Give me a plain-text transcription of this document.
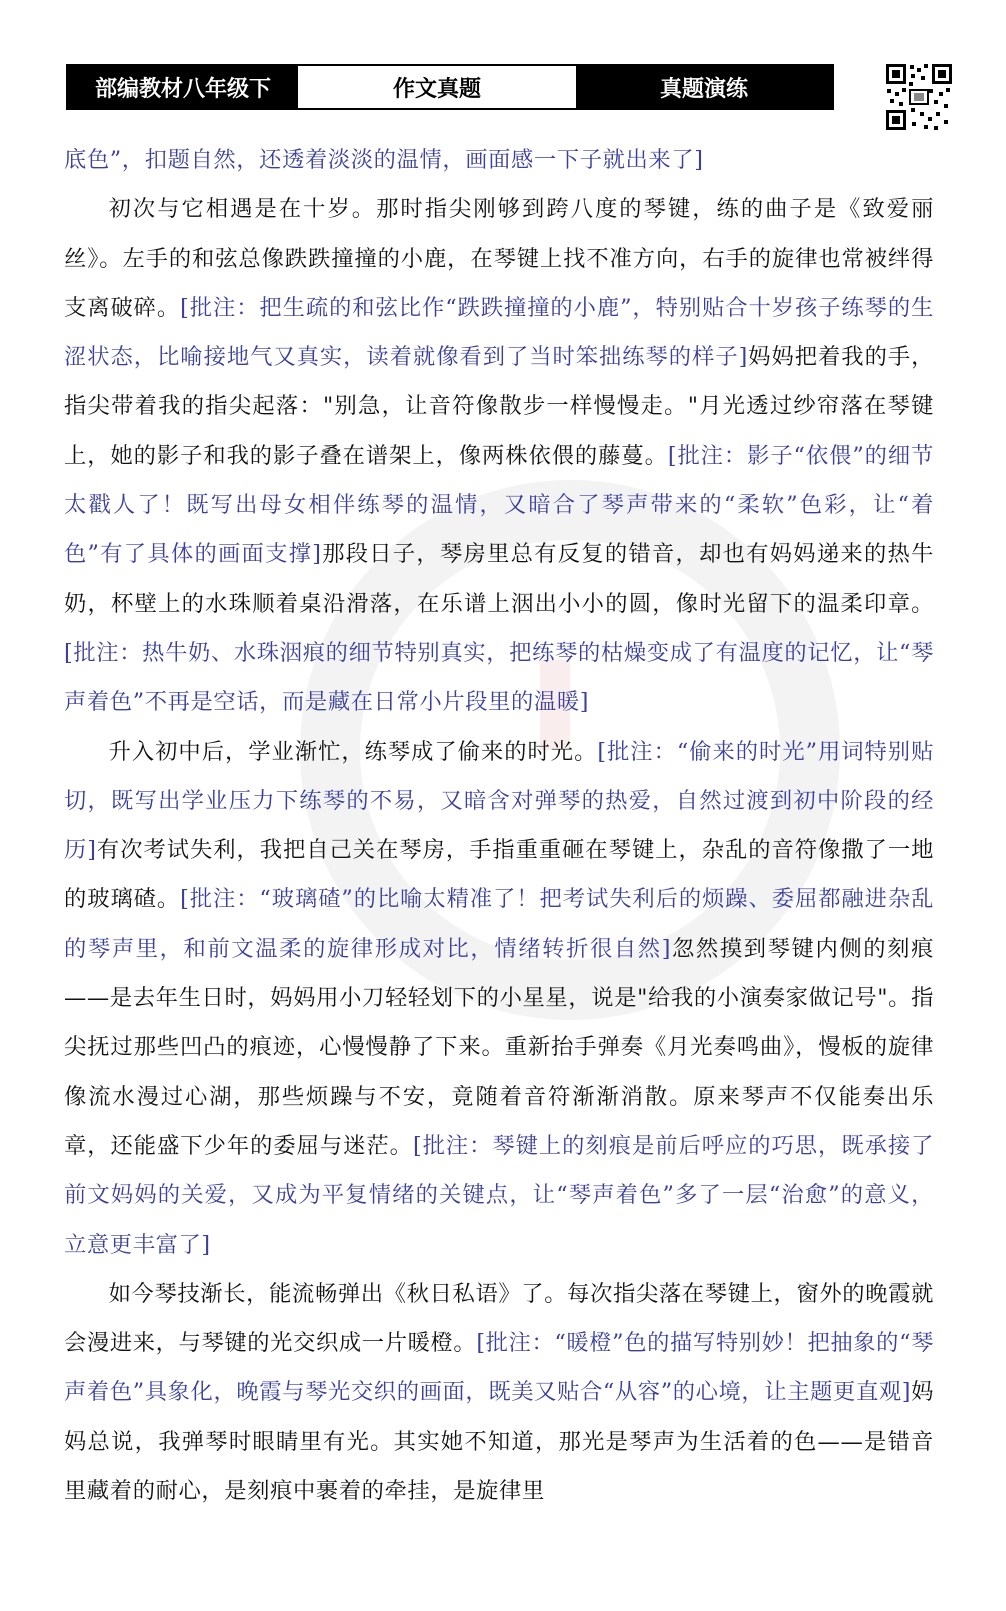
部编教材八年级下	作文真题	真题演练

底色”，扣题自然，还透着淡淡的温情，画面感一下子就出来了]

初次与它相遇是在十岁。那时指尖刚够到跨八度的琴键，练的曲子是《致爱丽丝》。左手的和弦总像跌跌撞撞的小鹿，在琴键上找不准方向，右手的旋律也常被绊得支离破碎。[批注：把生疏的和弦比作“跌跌撞撞的小鹿”，特别贴合十岁孩子练琴的生涩状态，比喻接地气又真实，读着就像看到了当时笨拙练琴的样子]妈妈把着我的手，指尖带着我的指尖起落："别急，让音符像散步一样慢慢走。"月光透过纱帘落在琴键上，她的影子和我的影子叠在谱架上，像两株依偎的藤蔓。[批注：影子“依偎”的细节太戳人了！既写出母女相伴练琴的温情，又暗合了琴声带来的“柔软”色彩，让“着色”有了具体的画面支撑]那段日子，琴房里总有反复的错音，却也有妈妈递来的热牛奶，杯壁上的水珠顺着桌沿滑落，在乐谱上洇出小小的圆，像时光留下的温柔印章。[批注：热牛奶、水珠洇痕的细节特别真实，把练琴的枯燥变成了有温度的记忆，让“琴声着色”不再是空话，而是藏在日常小片段里的温暖]

升入初中后，学业渐忙，练琴成了偷来的时光。[批注：“偷来的时光”用词特别贴切，既写出学业压力下练琴的不易，又暗含对弹琴的热爱，自然过渡到初中阶段的经历]有次考试失利，我把自己关在琴房，手指重重砸在琴键上，杂乱的音符像撒了一地的玻璃碴。[批注：“玻璃碴”的比喻太精准了！把考试失利后的烦躁、委屈都融进杂乱的琴声里，和前文温柔的旋律形成对比，情绪转折很自然]忽然摸到琴键内侧的刻痕——是去年生日时，妈妈用小刀轻轻划下的小星星，说是"给我的小演奏家做记号"。指尖抚过那些凹凸的痕迹，心慢慢静了下来。重新抬手弹奏《月光奏鸣曲》，慢板的旋律像流水漫过心湖，那些烦躁与不安，竟随着音符渐渐消散。原来琴声不仅能奏出乐章，还能盛下少年的委屈与迷茫。[批注：琴键上的刻痕是前后呼应的巧思，既承接了前文妈妈的关爱，又成为平复情绪的关键点，让“琴声着色”多了一层“治愈”的意义，立意更丰富了]

如今琴技渐长，能流畅弹出《秋日私语》了。每次指尖落在琴键上，窗外的晚霞就会漫进来，与琴键的光交织成一片暖橙。[批注：“暖橙”色的描写特别妙！把抽象的“琴声着色”具象化，晚霞与琴光交织的画面，既美又贴合“从容”的心境，让主题更直观]妈妈总说，我弹琴时眼睛里有光。其实她不知道，那光是琴声为生活着的色——是错音里藏着的耐心，是刻痕中裹着的牵挂，是旋律里
